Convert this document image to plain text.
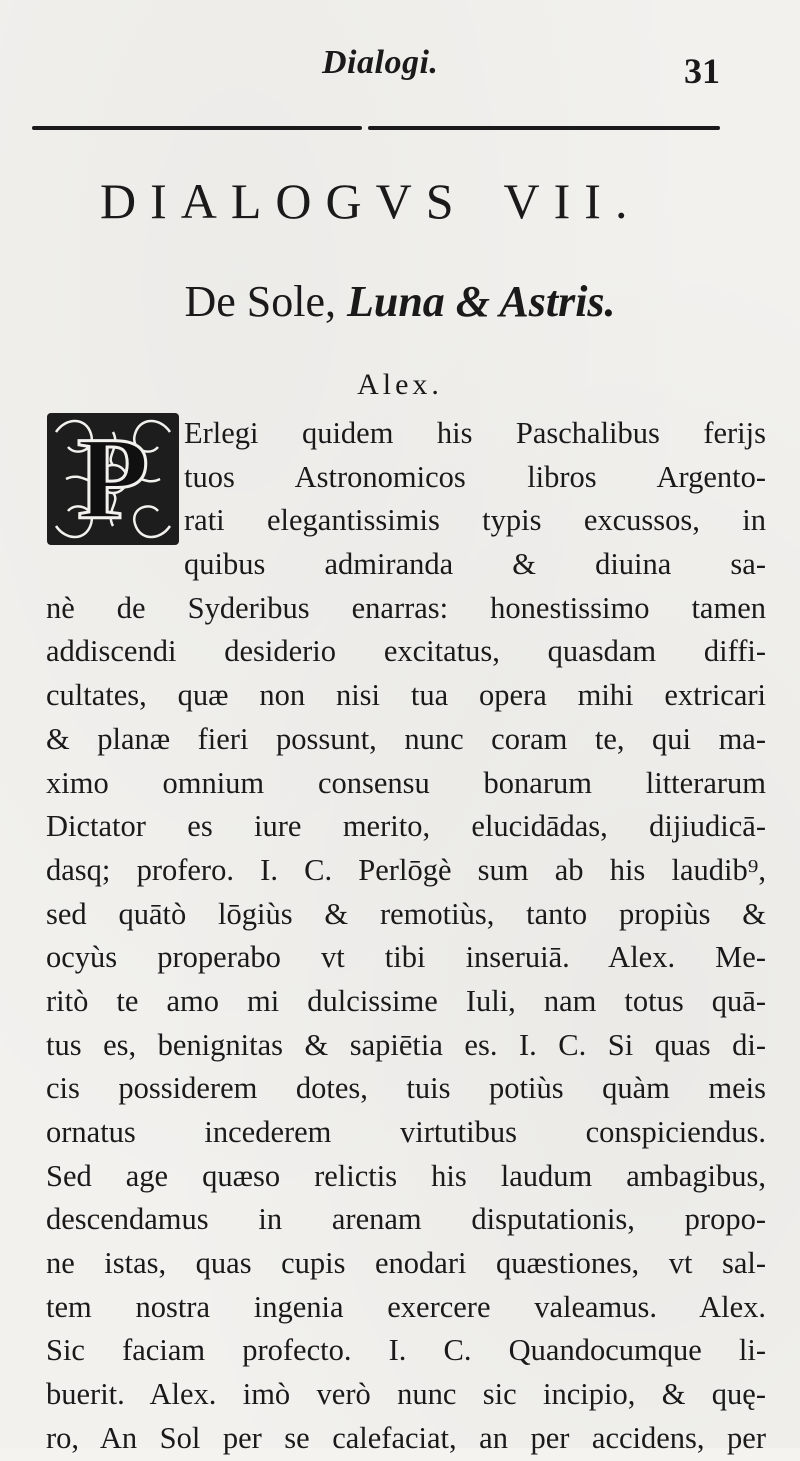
Dialogi.	31
DIALOGVS VII.
De Sole, Luna & Astris.
Alex.
P	Erlegi quidem his Paschalibus ferijs
tuos Astronomicos libros Argento-
rati elegantissimis typis excussos, in
quibus admiranda & diuina sa-
nè de Syderibus enarras: honestissimo tamen
addiscendi desiderio excitatus, quasdam diffi-
cultates, quæ non nisi tua opera mihi extricari
& planæ fieri possunt, nunc coram te, qui ma-
ximo omnium consensu bonarum litterarum
Dictator es iure merito, elucidādas, dijiudicā-
dasq; profero. I. C. Perlōgè sum ab his laudib⁹,
sed quātò lōgiùs & remotiùs, tanto propiùs &
ocyùs properabo vt tibi inseruiā. Alex. Me-
ritò te amo mi dulcissime Iuli, nam totus quā-
tus es, benignitas & sapiētia es. I. C. Si quas di-
cis possiderem dotes, tuis potiùs quàm meis
ornatus incederem virtutibus conspiciendus.
Sed age quæso relictis his laudum ambagibus,
descendamus in arenam disputationis, propo-
ne istas, quas cupis enodari quæstiones, vt sal-
tem nostra ingenia exercere valeamus. Alex.
Sic faciam profecto. I. C. Quandocumque li-
buerit. Alex. imò verò nunc sic incipio, & quę-
ro, An Sol per se calefaciat, an per accidens, per
